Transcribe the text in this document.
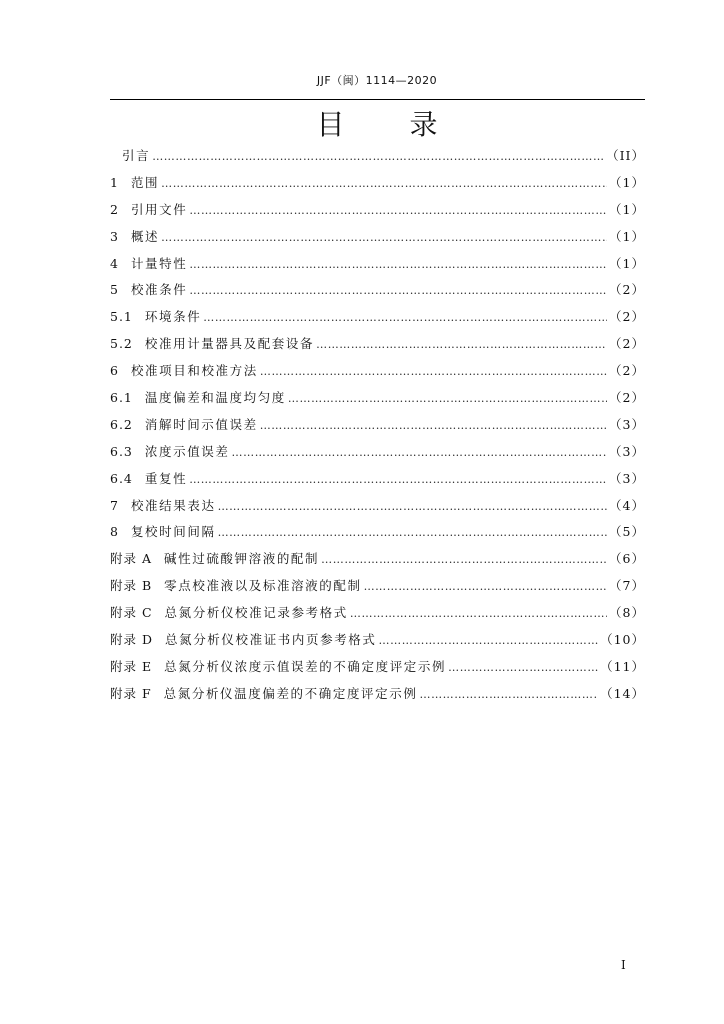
JJF（闽）1114—2020
目 录
引言 ………………………………………………………………………………………………………………………………………………………………………………	（II）
1 范围 ………………………………………………………………………………………………………………………………………………………………………………	（1）
2 引用文件 ………………………………………………………………………………………………………………………………………………………………………………	（1）
3 概述 ………………………………………………………………………………………………………………………………………………………………………………	（1）
4 计量特性 ………………………………………………………………………………………………………………………………………………………………………………	（1）
5 校准条件 ………………………………………………………………………………………………………………………………………………………………………………	（2）
5.1 环境条件 ………………………………………………………………………………………………………………………………………………………………………………	（2）
5.2 校准用计量器具及配套设备 ………………………………………………………………………………………………………………………………………………………………………………	（2）
6 校准项目和校准方法 ………………………………………………………………………………………………………………………………………………………………………………	（2）
6.1 温度偏差和温度均匀度 ………………………………………………………………………………………………………………………………………………………………………………	（2）
6.2 消解时间示值误差 ………………………………………………………………………………………………………………………………………………………………………………	（3）
6.3 浓度示值误差 ………………………………………………………………………………………………………………………………………………………………………………	（3）
6.4 重复性 ………………………………………………………………………………………………………………………………………………………………………………	（3）
7 校准结果表达 ………………………………………………………………………………………………………………………………………………………………………………	（4）
8 复校时间间隔 ………………………………………………………………………………………………………………………………………………………………………………	（5）
附录 A 碱性过硫酸钾溶液的配制 ………………………………………………………………………………………………………………………………………………………………………………	（6）
附录 B 零点校准液以及标准溶液的配制 ………………………………………………………………………………………………………………………………………………………………………………	（7）
附录 C 总氮分析仪校准记录参考格式 ………………………………………………………………………………………………………………………………………………………………………………	（8）
附录 D 总氮分析仪校准证书内页参考格式 ………………………………………………………………………………………………………………………………………………………………………………	（10）
附录 E 总氮分析仪浓度示值误差的不确定度评定示例 ………………………………………………………………………………………………………………………………………………………………………………	（11）
附录 F 总氮分析仪温度偏差的不确定度评定示例 ………………………………………………………………………………………………………………………………………………………………………………	（14）
I
